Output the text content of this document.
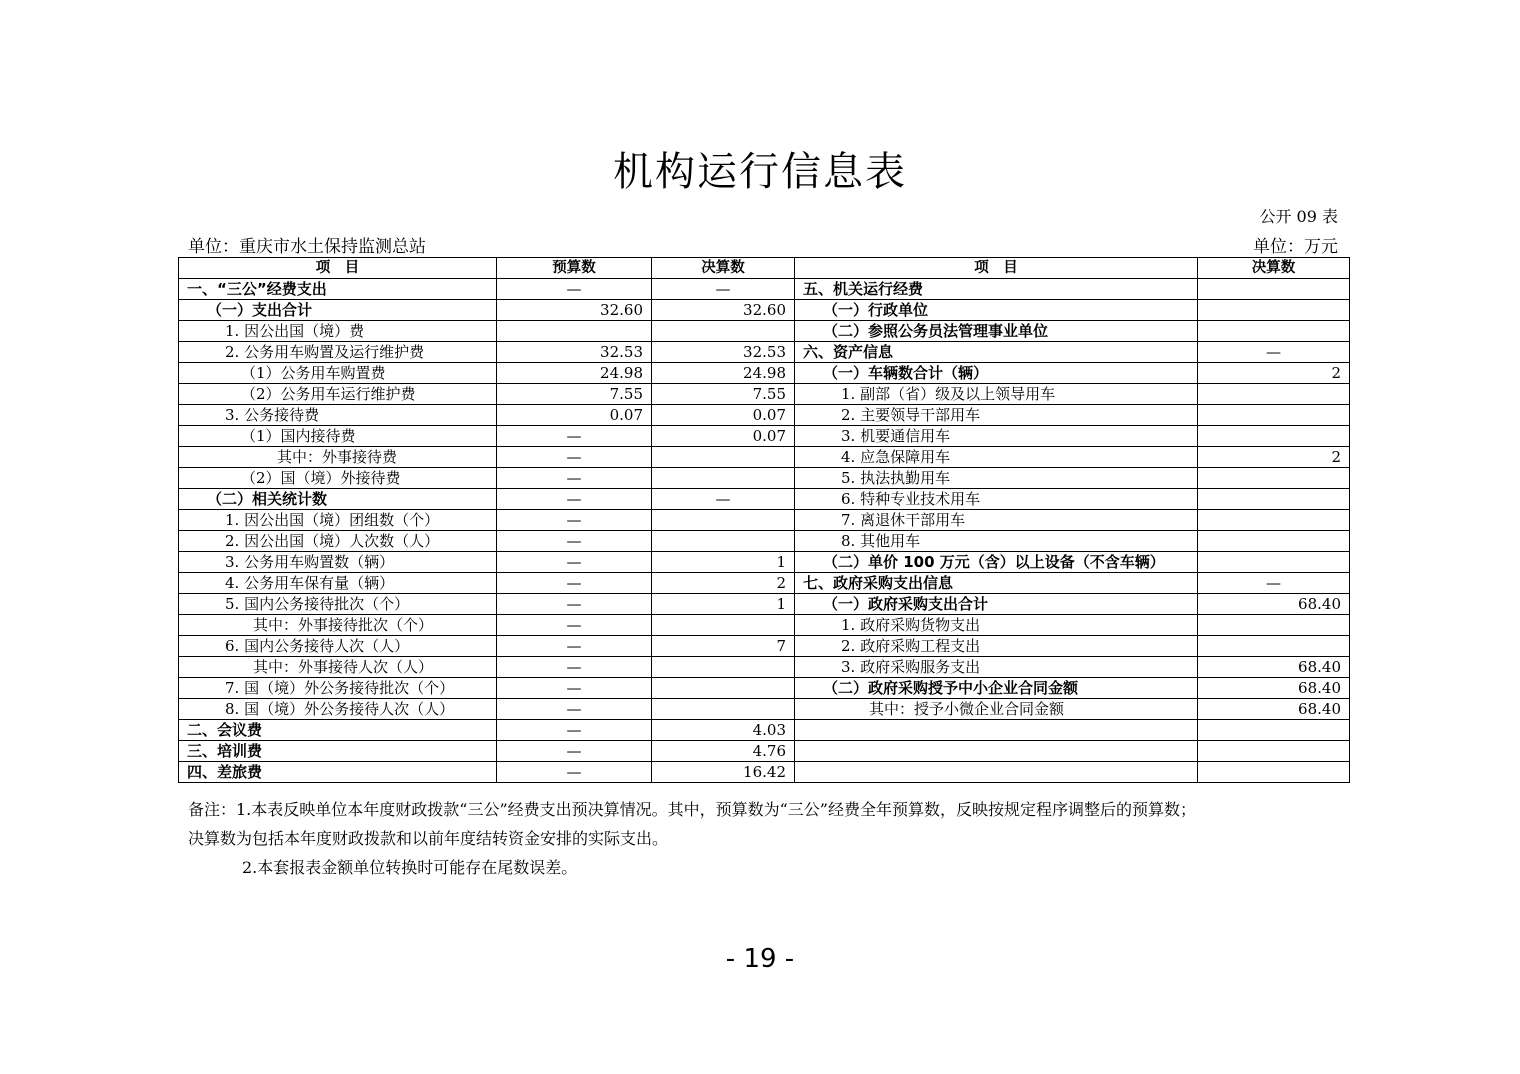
机构运行信息表
公开 09 表
单位：重庆市水土保持监测总站	单位：万元
项　目	预算数	决算数	项　目	决算数
一、“三公”经费支出	—	—	五、机关运行经费	
（一）支出合计	32.60	32.60	（一）行政单位	
1. 因公出国（境）费			（二）参照公务员法管理事业单位	
2. 公务用车购置及运行维护费	32.53	32.53	六、资产信息	—
（1）公务用车购置费	24.98	24.98	（一）车辆数合计（辆）	2
（2）公务用车运行维护费	7.55	7.55	1. 副部（省）级及以上领导用车	
3. 公务接待费	0.07	0.07	2. 主要领导干部用车	
（1）国内接待费	—	0.07	3. 机要通信用车	
其中：外事接待费	—		4. 应急保障用车	2
（2）国（境）外接待费	—		5. 执法执勤用车	
（二）相关统计数	—	—	6. 特种专业技术用车	
1. 因公出国（境）团组数（个）	—		7. 离退休干部用车	
2. 因公出国（境）人次数（人）	—		8. 其他用车	
3. 公务用车购置数（辆）	—	1	（二）单价 100 万元（含）以上设备（不含车辆）	
4. 公务用车保有量（辆）	—	2	七、政府采购支出信息	—
5. 国内公务接待批次（个）	—	1	（一）政府采购支出合计	68.40
其中：外事接待批次（个）	—		1. 政府采购货物支出	
6. 国内公务接待人次（人）	—	7	2. 政府采购工程支出	
其中：外事接待人次（人）	—		3. 政府采购服务支出	68.40
7. 国（境）外公务接待批次（个）	—		（二）政府采购授予中小企业合同金额	68.40
8. 国（境）外公务接待人次（人）	—		其中：授予小微企业合同金额	68.40
二、会议费	—	4.03		
三、培训费	—	4.76		
四、差旅费	—	16.42		

备注：1.本表反映单位本年度财政拨款“三公”经费支出预决算情况。其中，预算数为“三公”经费全年预算数，反映按规定程序调整后的预算数；

决算数为包括本年度财政拨款和以前年度结转资金安排的实际支出。

2.本套报表金额单位转换时可能存在尾数误差。

- 19 -
